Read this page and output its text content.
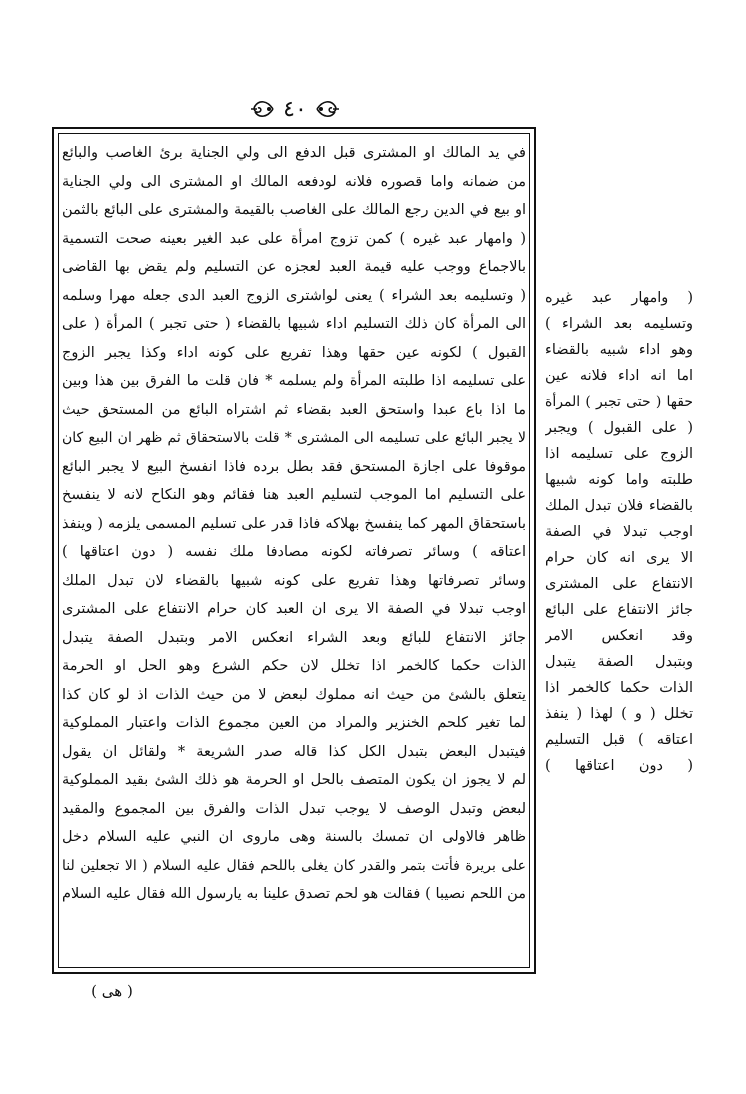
٤٠
في يد المالك او المشترى قبل الدفع الى ولي الجناية برئ الغاصب والبائع
من ضمانه واما قصوره فلانه لودفعه المالك او المشترى الى ولي الجناية
او بيع في الدين رجع المالك على الغاصب بالقيمة والمشترى على البائع بالثمن
( وامهار عبد غيره ) كمن تزوج امرأة على عبد الغير بعينه صحت التسمية
بالاجماع ووجب عليه قيمة العبد لعجزه عن التسليم ولم يقض بها القاضى
( وتسليمه بعد الشراء ) يعنى لواشترى الزوج العبد الدى جعله مهرا وسلمه
الى المرأة كان ذلك التسليم اداء شبيها بالقضاء ( حتى تجبر ) المرأة ( على
القبول ) لكونه عين حقها وهذا تفريع على كونه اداء وكذا يجبر الزوج
على تسليمه اذا طلبته المرأة ولم يسلمه * فان قلت ما الفرق بين هذا وبين
ما اذا باع عبدا واستحق العبد بقضاء ثم اشتراه البائع من المستحق حيث
لا يجبر البائع على تسليمه الى المشترى * قلت بالاستحقاق ثم ظهر ان البيع كان
موقوفا على اجازة المستحق فقد بطل برده فاذا انفسخ البيع لا يجبر البائع
على التسليم اما الموجب لتسليم العبد هنا فقائم وهو النكاح لانه لا ينفسخ
باستحقاق المهر كما ينفسخ بهلاكه فاذا قدر على تسليم المسمى يلزمه ( وينفذ
اعتاقه ) وسائر تصرفاته لكونه مصادفا ملك نفسه ( دون اعتاقها )
وسائر تصرفاتها وهذا تفريع على كونه شبيها بالقضاء لان تبدل الملك
اوجب تبدلا في الصفة الا يرى ان العبد كان حرام الانتفاع على المشترى
جائز الانتفاع للبائع وبعد الشراء انعكس الامر وبتبدل الصفة يتبدل
الذات حكما كالخمر اذا تخلل لان حكم الشرع وهو الحل او الحرمة
يتعلق بالشئ من حيث انه مملوك لبعض لا من حيث الذات اذ لو كان كذا
لما تغير كلحم الخنزير والمراد من العين مجموع الذات واعتبار المملوكية
فيتبدل البعض بتبدل الكل كذا قاله صدر الشريعة * ولقائل ان يقول
لم لا يجوز ان يكون المتصف بالحل او الحرمة هو ذلك الشئ بقيد المملوكية
لبعض وتبدل الوصف لا يوجب تبدل الذات والفرق بين المجموع والمقيد
ظاهر فالاولى ان تمسك بالسنة وهى ماروى ان النبي عليه السلام دخل
على بريرة فأتت بتمر والقدر كان يغلى باللحم فقال عليه السلام ( الا تجعلين لنا
من اللحم نصيبا ) فقالت هو لحم تصدق علينا به يارسول الله فقال عليه السلام
( وامهار عبد غيره
وتسليمه بعد الشراء )
وهو اداء شبيه بالقضاء
اما انه اداء فلانه عين
حقها ( حتى تجبر ) المرأة
( على القبول ) ويجبر
الزوج على تسليمه اذا
طلبته واما كونه شبيها
بالقضاء فلان تبدل الملك
اوجب تبدلا في الصفة
الا يرى انه كان حرام
الانتفاع على المشترى
جائز الانتفاع على البائع
وقد انعكس الامر
وبتبدل الصفة يتبدل
الذات حكما كالخمر اذا
تخلل ( و ) لهذا ( ينفذ
اعتاقه ) قبل التسليم
( دون اعتاقها )
( هى )
